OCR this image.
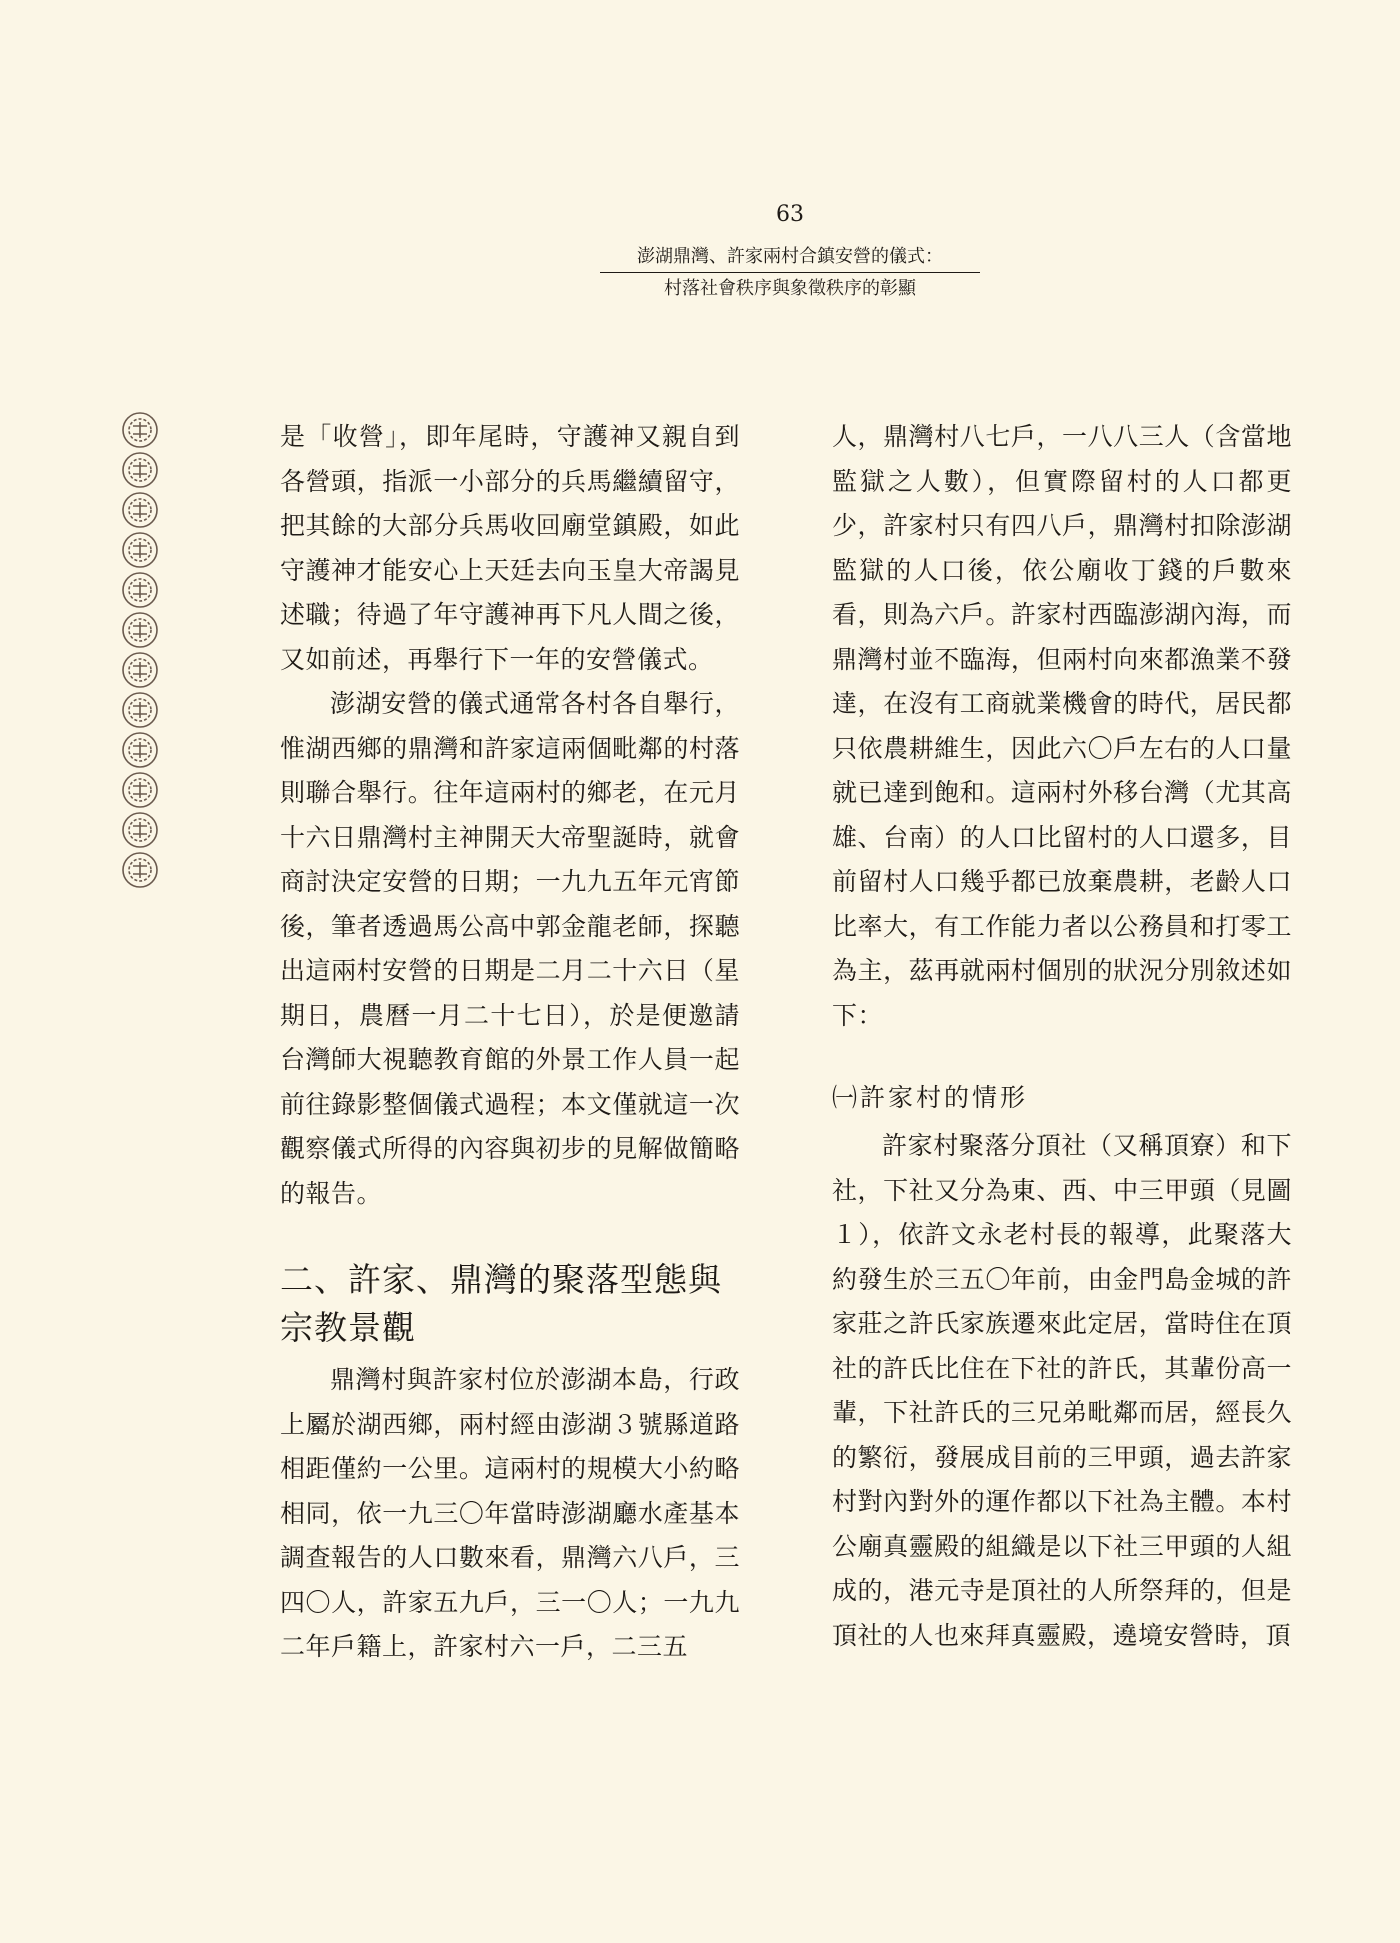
63
澎湖鼎灣、許家兩村合鎮安營的儀式：
村落社會秩序與象徵秩序的彰顯

是「收營」，即年尾時，守護神又親自到各營頭，指派一小部分的兵馬繼續留守，把其餘的大部分兵馬收回廟堂鎮殿，如此守護神才能安心上天廷去向玉皇大帝謁見述職；待過了年守護神再下凡人間之後，又如前述，再舉行下一年的安營儀式。

澎湖安營的儀式通常各村各自舉行，惟湖西鄉的鼎灣和許家這兩個毗鄰的村落則聯合舉行。往年這兩村的鄉老，在元月十六日鼎灣村主神開天大帝聖誕時，就會商討決定安營的日期；一九九五年元宵節後，筆者透過馬公高中郭金龍老師，探聽出這兩村安營的日期是二月二十六日（星期日，農曆一月二十七日），於是便邀請台灣師大視聽教育館的外景工作人員一起前往錄影整個儀式過程；本文僅就這一次觀察儀式所得的內容與初步的見解做簡略的報告。

二、許家、鼎灣的聚落型態與宗教景觀

鼎灣村與許家村位於澎湖本島，行政上屬於湖西鄉，兩村經由澎湖３號縣道路相距僅約一公里。這兩村的規模大小約略相同，依一九三〇年當時澎湖廳水產基本調查報告的人口數來看，鼎灣六八戶，三四〇人，許家五九戶，三一〇人；一九九二年戶籍上，許家村六一戶，二三五

人，鼎灣村八七戶，一八八三人（含當地監獄之人數），但實際留村的人口都更少，許家村只有四八戶，鼎灣村扣除澎湖監獄的人口後，依公廟收丁錢的戶數來看，則為六戶。許家村西臨澎湖內海，而鼎灣村並不臨海，但兩村向來都漁業不發達，在沒有工商就業機會的時代，居民都只依農耕維生，因此六〇戶左右的人口量就已達到飽和。這兩村外移台灣（尤其高雄、台南）的人口比留村的人口還多，目前留村人口幾乎都已放棄農耕，老齡人口比率大，有工作能力者以公務員和打零工為主，茲再就兩村個別的狀況分別敘述如下：

㈠許家村的情形

許家村聚落分頂社（又稱頂寮）和下社，下社又分為東、西、中三甲頭（見圖１），依許文永老村長的報導，此聚落大約發生於三五〇年前，由金門島金城的許家莊之許氏家族遷來此定居，當時住在頂社的許氏比住在下社的許氏，其輩份高一輩，下社許氏的三兄弟毗鄰而居，經長久的繁衍，發展成目前的三甲頭，過去許家村對內對外的運作都以下社為主體。本村公廟真靈殿的組織是以下社三甲頭的人組成的，港元寺是頂社的人所祭拜的，但是頂社的人也來拜真靈殿，遶境安營時，頂
